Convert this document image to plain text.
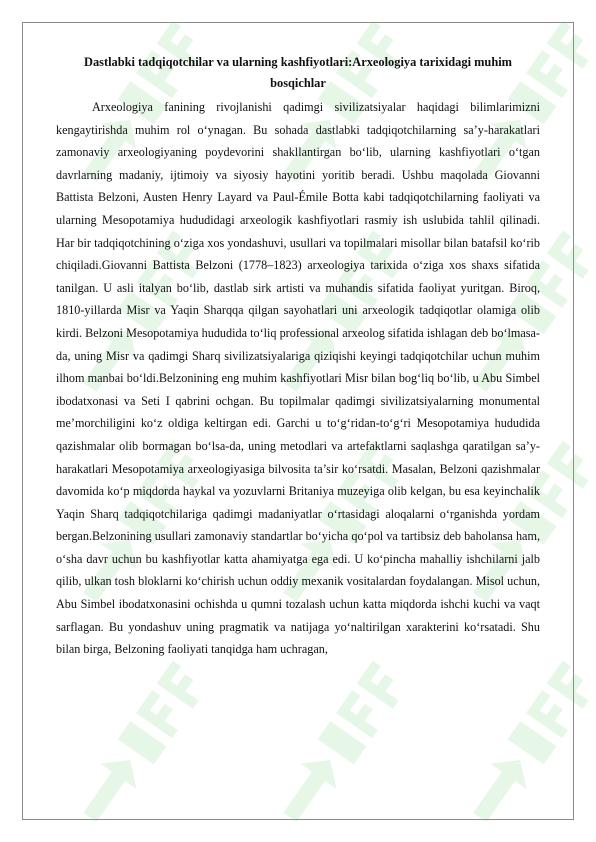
Dastlabki tadqiqotchilar va ularning kashfiyotlari:Arxeologiya tarixidagi muhim bosqichlar

Arxeologiya fanining rivojlanishi qadimgi sivilizatsiyalar haqidagi bilimlarimizni kengaytirishda muhim rol o‘ynagan. Bu sohada dastlabki tadqiqotchilarning sa’y-harakatlari zamonaviy arxeologiyaning poydevorini shakllantirgan bo‘lib, ularning kashfiyotlari o‘tgan davrlarning madaniy, ijtimoiy va siyosiy hayotini yoritib beradi. Ushbu maqolada Giovanni Battista Belzoni, Austen Henry Layard va Paul-Émile Botta kabi tadqiqotchilarning faoliyati va ularning Mesopotamiya hududidagi arxeologik kashfiyotlari rasmiy ish uslubida tahlil qilinadi. Har bir tadqiqotchining o‘ziga xos yondashuvi, usullari va topilmalari misollar bilan batafsil ko‘rib chiqiladi.Giovanni Battista Belzoni (1778–1823) arxeologiya tarixida o‘ziga xos shaxs sifatida tanilgan. U asli italyan bo‘lib, dastlab sirk artisti va muhandis sifatida faoliyat yuritgan. Biroq, 1810-yillarda Misr va Yaqin Sharqqa qilgan sayohatlari uni arxeologik tadqiqotlar olamiga olib kirdi. Belzoni Mesopotamiya hududida to‘liq professional arxeolog sifatida ishlagan deb bo‘lmasa-da, uning Misr va qadimgi Sharq sivilizatsiyalariga qiziqishi keyingi tadqiqotchilar uchun muhim ilhom manbai bo‘ldi.Belzonining eng muhim kashfiyotlari Misr bilan bog‘liq bo‘lib, u Abu Simbel ibodatxonasi va Seti I qabrini ochgan. Bu topilmalar qadimgi sivilizatsiyalarning monumental me’morchiligini ko‘z oldiga keltirgan edi. Garchi u to‘g‘ridan-to‘g‘ri Mesopotamiya hududida qazishmalar olib bormagan bo‘lsa-da, uning metodlari va artefaktlarni saqlashga qaratilgan sa’y-harakatlari Mesopotamiya arxeologiyasiga bilvosita ta’sir ko‘rsatdi. Masalan, Belzoni qazishmalar davomida ko‘p miqdorda haykal va yozuvlarni Britaniya muzeyiga olib kelgan, bu esa keyinchalik Yaqin Sharq tadqiqotchilariga qadimgi madaniyatlar o‘rtasidagi aloqalarni o‘rganishda yordam bergan.Belzonining usullari zamonaviy standartlar bo‘yicha qo‘pol va tartibsiz deb baholansa ham, o‘sha davr uchun bu kashfiyotlar katta ahamiyatga ega edi. U ko‘pincha mahalliy ishchilarni jalb qilib, ulkan tosh bloklarni ko‘chirish uchun oddiy mexanik vositalardan foydalangan. Misol uchun, Abu Simbel ibodatxonasini ochishda u qumni tozalash uchun katta miqdorda ishchi kuchi va vaqt sarflagan. Bu yondashuv uning pragmatik va natijaga yo‘naltirilgan xarakterini ko‘rsatadi. Shu bilan birga, Belzoning faoliyati tanqidga ham uchragan,
